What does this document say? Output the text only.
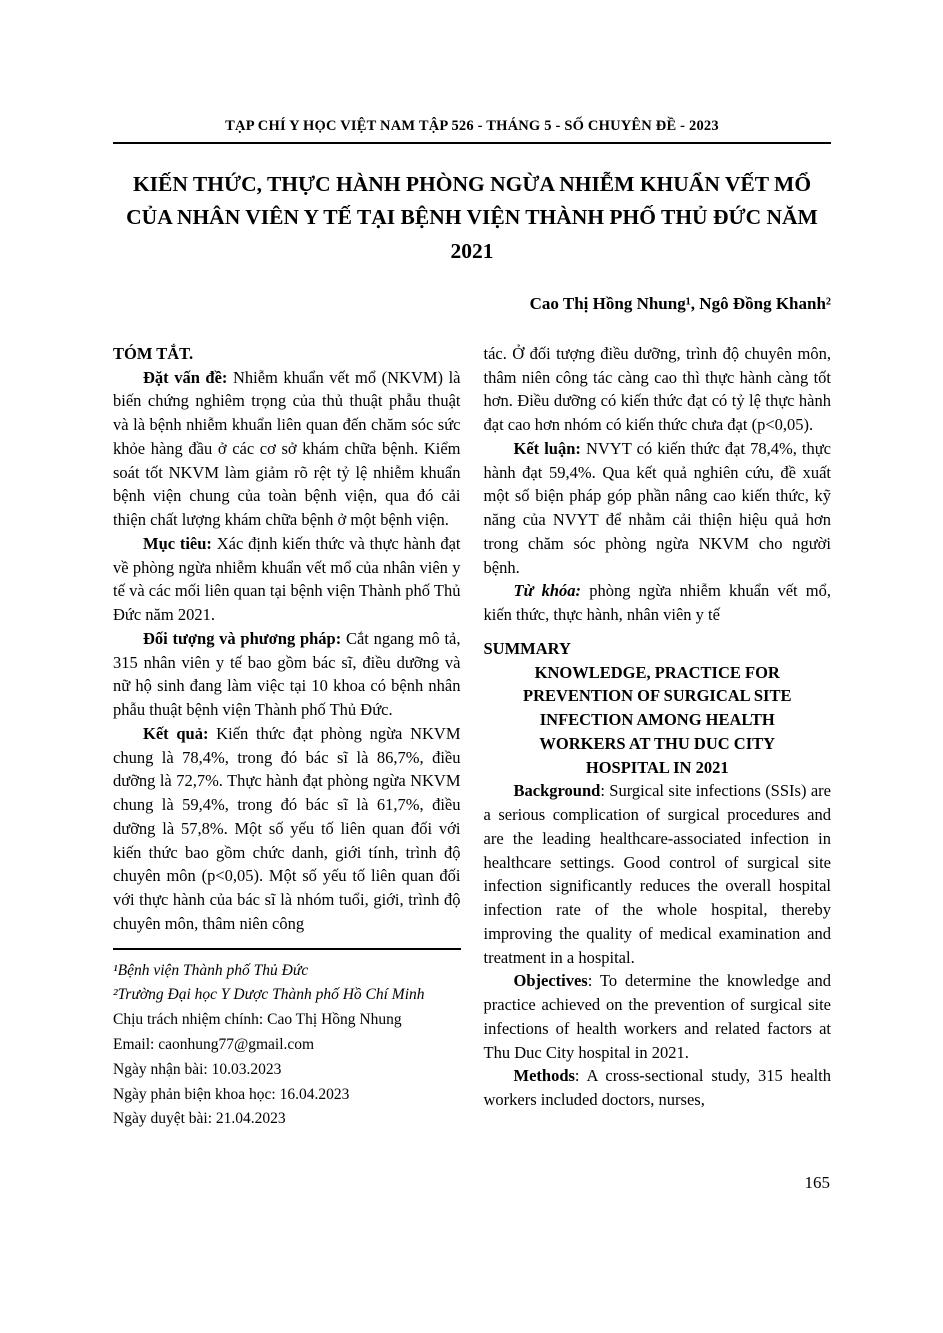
TẠP CHÍ Y HỌC VIỆT NAM TẬP 526 - THÁNG 5 - SỐ CHUYÊN ĐỀ - 2023
KIẾN THỨC, THỰC HÀNH PHÒNG NGỪA NHIỄM KHUẨN VẾT MỔ
CỦA NHÂN VIÊN Y TẾ TẠI BỆNH VIỆN THÀNH PHỐ THỦ ĐỨC NĂM 2021
Cao Thị Hồng Nhung¹, Ngô Đồng Khanh²
TÓM TẮT.

Đặt vấn đề: Nhiễm khuẩn vết mổ (NKVM) là biến chứng nghiêm trọng của thủ thuật phẫu thuật và là bệnh nhiễm khuẩn liên quan đến chăm sóc sức khỏe hàng đầu ở các cơ sở khám chữa bệnh. Kiểm soát tốt NKVM làm giảm rõ rệt tỷ lệ nhiễm khuẩn bệnh viện chung của toàn bệnh viện, qua đó cải thiện chất lượng khám chữa bệnh ở một bệnh viện.

Mục tiêu: Xác định kiến thức và thực hành đạt về phòng ngừa nhiễm khuẩn vết mổ của nhân viên y tế và các mối liên quan tại bệnh viện Thành phố Thủ Đức năm 2021.

Đối tượng và phương pháp: Cắt ngang mô tả, 315 nhân viên y tế bao gồm bác sĩ, điều dưỡng và nữ hộ sinh đang làm việc tại 10 khoa có bệnh nhân phẫu thuật bệnh viện Thành phố Thủ Đức.

Kết quả: Kiến thức đạt phòng ngừa NKVM chung là 78,4%, trong đó bác sĩ là 86,7%, điều dưỡng là 72,7%. Thực hành đạt phòng ngừa NKVM chung là 59,4%, trong đó bác sĩ là 61,7%, điều dưỡng là 57,8%. Một số yếu tố liên quan đối với kiến thức bao gồm chức danh, giới tính, trình độ chuyên môn (p<0,05). Một số yếu tố liên quan đối với thực hành của bác sĩ là nhóm tuổi, giới, trình độ chuyên môn, thâm niên công

¹Bệnh viện Thành phố Thủ Đức
²Trường Đại học Y Dược Thành phố Hồ Chí Minh
Chịu trách nhiệm chính: Cao Thị Hồng Nhung
Email: caonhung77@gmail.com
Ngày nhận bài: 10.03.2023
Ngày phản biện khoa học: 16.04.2023
Ngày duyệt bài: 21.04.2023

tác. Ở đối tượng điều dưỡng, trình độ chuyên môn, thâm niên công tác càng cao thì thực hành càng tốt hơn. Điều dưỡng có kiến thức đạt có tỷ lệ thực hành đạt cao hơn nhóm có kiến thức chưa đạt (p<0,05).

Kết luận: NVYT có kiến thức đạt 78,4%, thực hành đạt 59,4%. Qua kết quả nghiên cứu, đề xuất một số biện pháp góp phần nâng cao kiến thức, kỹ năng của NVYT để nhằm cải thiện hiệu quả hơn trong chăm sóc phòng ngừa NKVM cho người bệnh.

Từ khóa: phòng ngừa nhiễm khuẩn vết mổ, kiến thức, thực hành, nhân viên y tế

SUMMARY
KNOWLEDGE, PRACTICE FOR
PREVENTION OF SURGICAL SITE
INFECTION AMONG HEALTH
WORKERS AT THU DUC CITY
HOSPITAL IN 2021

Background: Surgical site infections (SSIs) are a serious complication of surgical procedures and are the leading healthcare-associated infection in healthcare settings. Good control of surgical site infection significantly reduces the overall hospital infection rate of the whole hospital, thereby improving the quality of medical examination and treatment in a hospital.

Objectives: To determine the knowledge and practice achieved on the prevention of surgical site infections of health workers and related factors at Thu Duc City hospital in 2021.

Methods: A cross-sectional study, 315 health workers included doctors, nurses,

165
